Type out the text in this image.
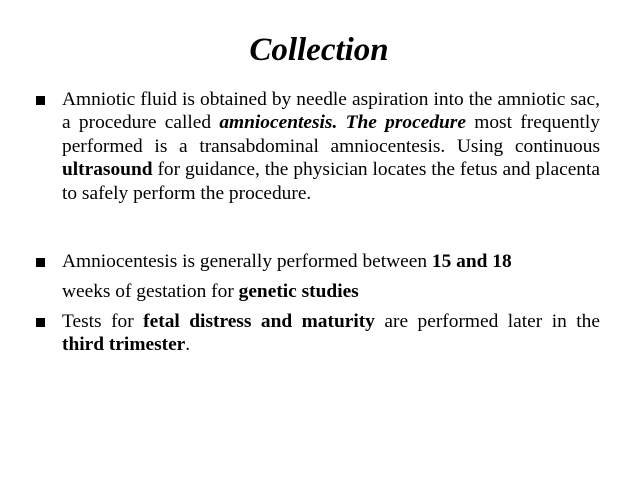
Collection
Amniotic fluid is obtained by needle aspiration into the amniotic sac, a procedure called amniocentesis. The procedure most frequently performed is a transabdominal amniocentesis. Using continuous ultrasound for guidance, the physician locates the fetus and placenta to safely perform the procedure.
Amniocentesis is generally performed between 15 and 18
weeks of gestation for genetic studies
Tests for fetal distress and maturity are performed later in the third trimester.
